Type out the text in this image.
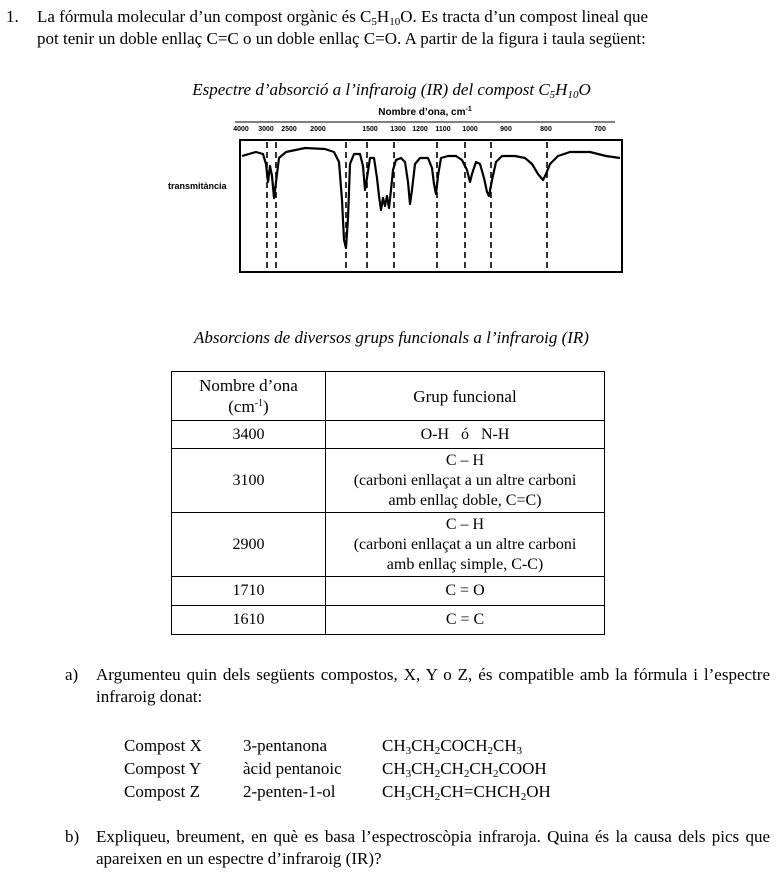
1. La fórmula molecular d’un compost orgànic és $C_5H_{10}O$. Es tracta d’un compost lineal que

pot tenir un doble enllaç C=C o un doble enllaç C=O. A partir de la figura i taula següent:

Espectre d’absorció a l’infraroig (IR) del compost $C_5H_{10}O$
Nombre d’ona, $cm^{-1}$
4000 3000 2500 2000	1500 1300 1200 1100 1000	900	800	700
transmitància
Absorcions de diversos grups funcionals a l’infraroig (IR)
Nombre d’ona
$(cm^{-1})$	Grup funcional
3400	O-H   ó   N-H
3100	C – H
(carboni enllaçat a un altre carboni
amb enllaç doble, C=C)
2900	C – H
(carboni enllaçat a un altre carboni
amb enllaç simple, C-C)
1710	C = O
1610	C = C
a) Argumenteu quin dels següents compostos, X, Y o Z, és compatible amb la fórmula i l’espectre infraroig donat:
Compost X 3-pentanona	$CH_3CH_2COCH_2CH_3$
Compost Y àcid pentanoic $CH_3CH_2CH_2CH_2COOH$
Compost Z	2-penten-1-ol	$CH_3CH_2CH=CHCH_2OH$
b) Expliqueu, breument, en què es basa l’espectroscòpia infraroja. Quina és la causa dels pics que apareixen en un espectre d’infraroig (IR)?
